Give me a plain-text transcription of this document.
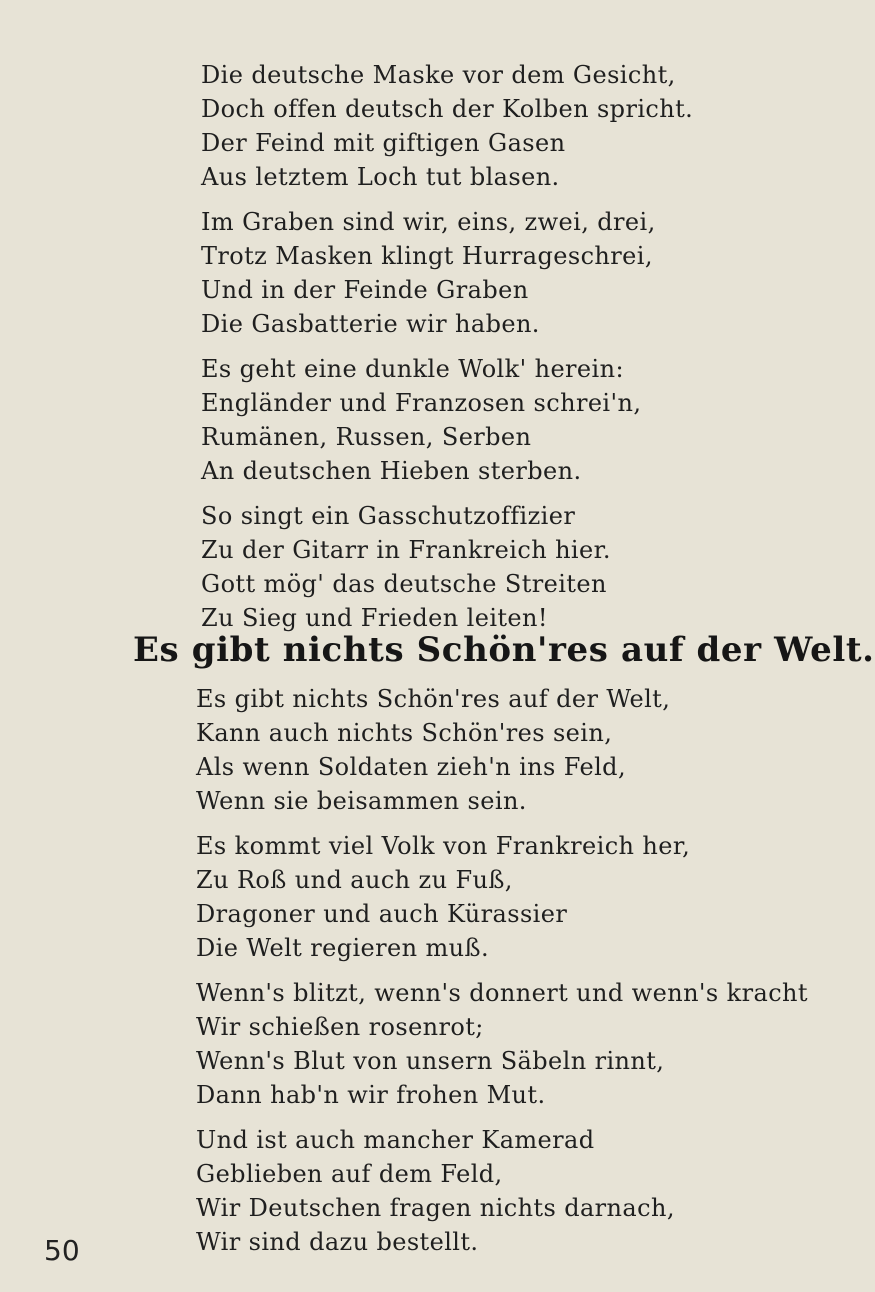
Die deutsche Maske vor dem Gesicht,
Doch offen deutsch der Kolben spricht.
Der Feind mit giftigen Gasen
Aus letztem Loch tut blasen.
Im Graben sind wir, eins, zwei, drei,
Trotz Masken klingt Hurrageschrei,
Und in der Feinde Graben
Die Gasbatterie wir haben.
Es geht eine dunkle Wolk' herein:
Engländer und Franzosen schrei'n,
Rumänen, Russen, Serben
An deutschen Hieben sterben.
So singt ein Gasschutzoffizier
Zu der Gitarr in Frankreich hier.
Gott mög' das deutsche Streiten
Zu Sieg und Frieden leiten!
Es gibt nichts Schön'res auf der Welt.
Es gibt nichts Schön'res auf der Welt,
Kann auch nichts Schön'res sein,
Als wenn Soldaten zieh'n ins Feld,
Wenn sie beisammen sein.
Es kommt viel Volk von Frankreich her,
Zu Roß und auch zu Fuß,
Dragoner und auch Kürassier
Die Welt regieren muß.
Wenn's blitzt, wenn's donnert und wenn's kracht
Wir schießen rosenrot;
Wenn's Blut von unsern Säbeln rinnt,
Dann hab'n wir frohen Mut.
Und ist auch mancher Kamerad
Geblieben auf dem Feld,
Wir Deutschen fragen nichts darnach,
Wir sind dazu bestellt.
50
